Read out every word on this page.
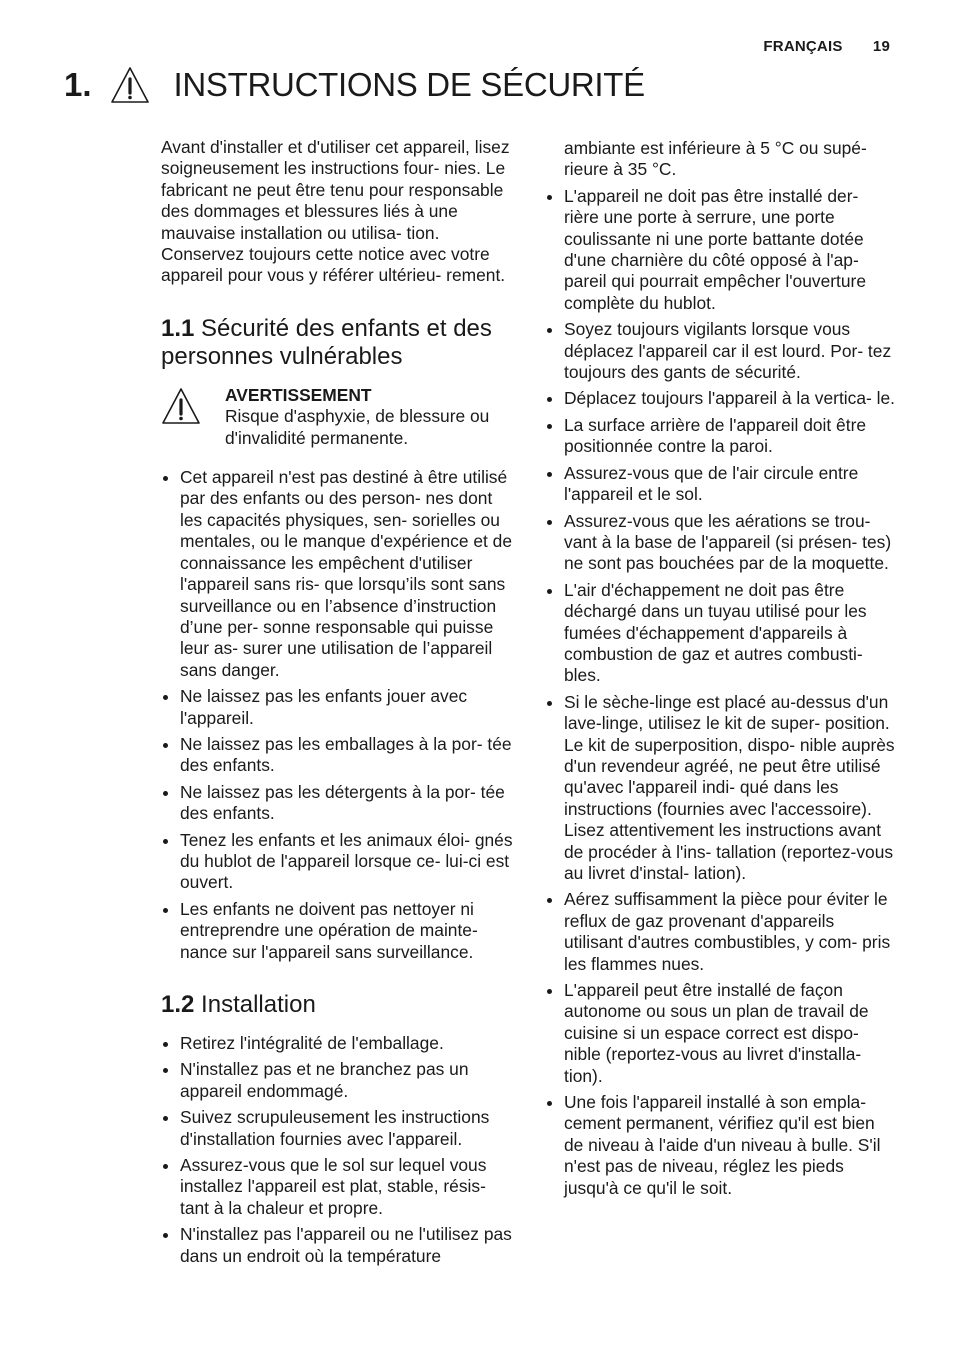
FRANÇAIS 19
1. INSTRUCTIONS DE SÉCURITÉ

Avant d'installer et d'utiliser cet appareil, lisez soigneusement les instructions four- nies. Le fabricant ne peut être tenu pour responsable des dommages et blessures liés à une mauvaise installation ou utilisa- tion. Conservez toujours cette notice avec votre appareil pour vous y référer ultérieu- rement.

1.1 Sécurité des enfants et des personnes vulnérables
AVERTISSEMENT
Risque d'asphyxie, de blessure ou d'invalidité permanente.
Cet appareil n'est pas destiné à être utilisé par des enfants ou des person- nes dont les capacités physiques, sen- sorielles ou mentales, ou le manque d'expérience et de connaissance les empêchent d'utiliser l'appareil sans ris- que lorsqu’ils sont sans surveillance ou en l’absence d’instruction d’une per- sonne responsable qui puisse leur as- surer une utilisation de l’appareil sans danger.
Ne laissez pas les enfants jouer avec l'appareil.
Ne laissez pas les emballages à la por- tée des enfants.
Ne laissez pas les détergents à la por- tée des enfants.
Tenez les enfants et les animaux éloi- gnés du hublot de l'appareil lorsque ce- lui-ci est ouvert.
Les enfants ne doivent pas nettoyer ni entreprendre une opération de mainte- nance sur l'appareil sans surveillance.
1.2 Installation
Retirez l'intégralité de l'emballage.
N'installez pas et ne branchez pas un appareil endommagé.
Suivez scrupuleusement les instructions d'installation fournies avec l'appareil.
Assurez-vous que le sol sur lequel vous installez l'appareil est plat, stable, résis- tant à la chaleur et propre.
N'installez pas l'appareil ou ne l'utilisez pas dans un endroit où la température

ambiante est inférieure à 5 °C ou supé- rieure à 35 °C.

L'appareil ne doit pas être installé der- rière une porte à serrure, une porte coulissante ni une porte battante dotée d'une charnière du côté opposé à l'ap- pareil qui pourrait empêcher l'ouverture complète du hublot.
Soyez toujours vigilants lorsque vous déplacez l'appareil car il est lourd. Por- tez toujours des gants de sécurité.
Déplacez toujours l'appareil à la vertica- le.
La surface arrière de l'appareil doit être positionnée contre la paroi.
Assurez-vous que de l'air circule entre l'appareil et le sol.
Assurez-vous que les aérations se trou- vant à la base de l'appareil (si présen- tes) ne sont pas bouchées par de la moquette.
L'air d'échappement ne doit pas être déchargé dans un tuyau utilisé pour les fumées d'échappement d'appareils à combustion de gaz et autres combusti- bles.
Si le sèche-linge est placé au-dessus d'un lave-linge, utilisez le kit de super- position. Le kit de superposition, dispo- nible auprès d'un revendeur agréé, ne peut être utilisé qu'avec l'appareil indi- qué dans les instructions (fournies avec l'accessoire). Lisez attentivement les instructions avant de procéder à l'ins- tallation (reportez-vous au livret d'instal- lation).
Aérez suffisamment la pièce pour éviter le reflux de gaz provenant d'appareils utilisant d'autres combustibles, y com- pris les flammes nues.
L'appareil peut être installé de façon autonome ou sous un plan de travail de cuisine si un espace correct est dispo- nible (reportez-vous au livret d'installa- tion).
Une fois l'appareil installé à son empla- cement permanent, vérifiez qu'il est bien de niveau à l'aide d'un niveau à bulle. S'il n'est pas de niveau, réglez les pieds jusqu'à ce qu'il le soit.
